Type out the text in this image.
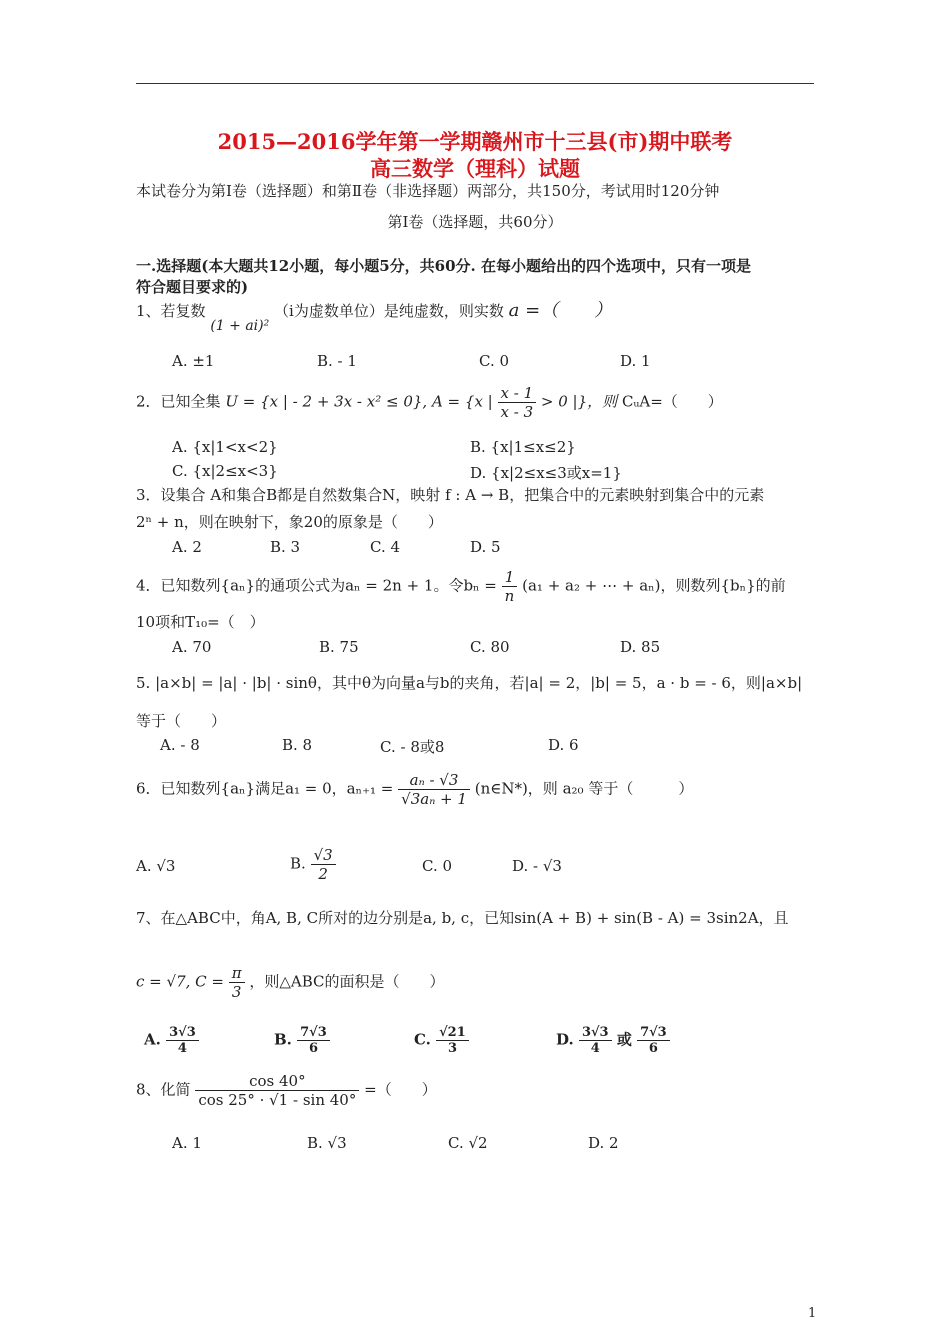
2015—2016学年第一学期赣州市十三县(市)期中联考
高三数学（理科）试题
本试卷分为第Ⅰ卷（选择题）和第Ⅱ卷（非选择题）两部分，共150分，考试用时120分钟
第Ⅰ卷（选择题，共60分）
一.选择题(本大题共12小题，每小题5分，共60分. 在每小题给出的四个选项中，只有一项是
符合题目要求的)
1、若复数 (1 + ai)² （i为虚数单位）是纯虚数，则实数 a =（　　）
A. ±1	B. - 1	C. 0	D. 1
2．已知全集 U = {x | - 2 + 3x - x² ≤ 0}, A = {x | $\frac{x - 1}{x - 3} > 0$ |}，则 CᵤA=（　　）
A. {x|1<x<2}	B. {x|1≤x≤2}
C. {x|2≤x<3}	D. {x|2≤x≤3或x=1}
3．设集合 A和集合B都是自然数集合N，映射 f : A → B，把集合中的元素映射到集合中的元素
2ⁿ + n，则在映射下，象20的原象是（　　）
A. 2	B. 3	C. 4	D. 5
4．已知数列{aₙ}的通项公式为aₙ = 2n + 1。令$b_n = \frac{1}{n} (a_1 + a_2$ + ⋯ + aₙ)，则数列{bₙ}的前
10项和T₁₀=（　）
A. 70	B. 75	C. 80	D. 85
5. |a×b| = |a| · |b| · sinθ，其中θ为向量a与b的夹角，若|a| = 2，|b| = 5，a · b = - 6，则|a×b|
等于（　　）
A. - 8	B. 8	C. - 8或8	D. 6
6．已知数列{aₙ}满足a₁ = 0，$a_{n+1} = \frac{\text{aₙ - √3}}{\text{√3aₙ + 1}}$ (n∈N*)，则 a₂₀ 等于（　　　）
A. √3	B. $\frac{√3}{2}$	C. 0	D. - √3
7、在△ABC中，角A, B, C所对的边分别是a, b, c，已知sin(A + B) + sin(B - A) = 3sin2A，且
c = √7, $C = \frac{\pi}{3}$ ，则△ABC的面积是（　　）
A. $\frac{3√3}{4}$	B. $\frac{7√3}{6}$	C. $\frac{√21}{3}$	D. $\frac{3√3}{4}$ 或 $\frac{7√3}{6}$
8、化简 $\frac{\cos 40^\circ}{\cos 25^\circ \cdot √1 - \sin 40^\circ}$ =（　　）
A. 1	B. √3	C. √2	D. 2
1
